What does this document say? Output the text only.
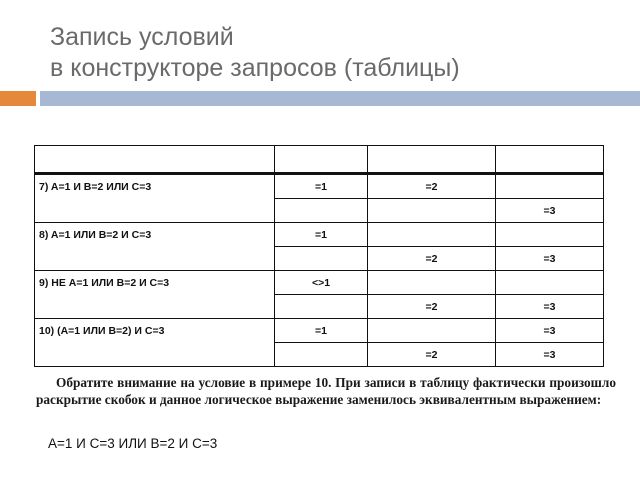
Запись условий
в конструкторе запросов (таблицы)

7) A=1 И B=2 ИЛИ C=3	=1	=2	
			=3
8) A=1 ИЛИ B=2 И C=3	=1		
		=2	=3
9) НЕ A=1 ИЛИ B=2 И C=3	<>1		
		=2	=3
10) (A=1 ИЛИ B=2) И C=3	=1		=3
		=2	=3

Обратите внимание на условие в примере 10. При записи в таблицу фактически произошло раскрытие скобок и данное логическое выражение заменилось эквивалентным выражением:

А=1 И С=3 ИЛИ В=2 И С=3
